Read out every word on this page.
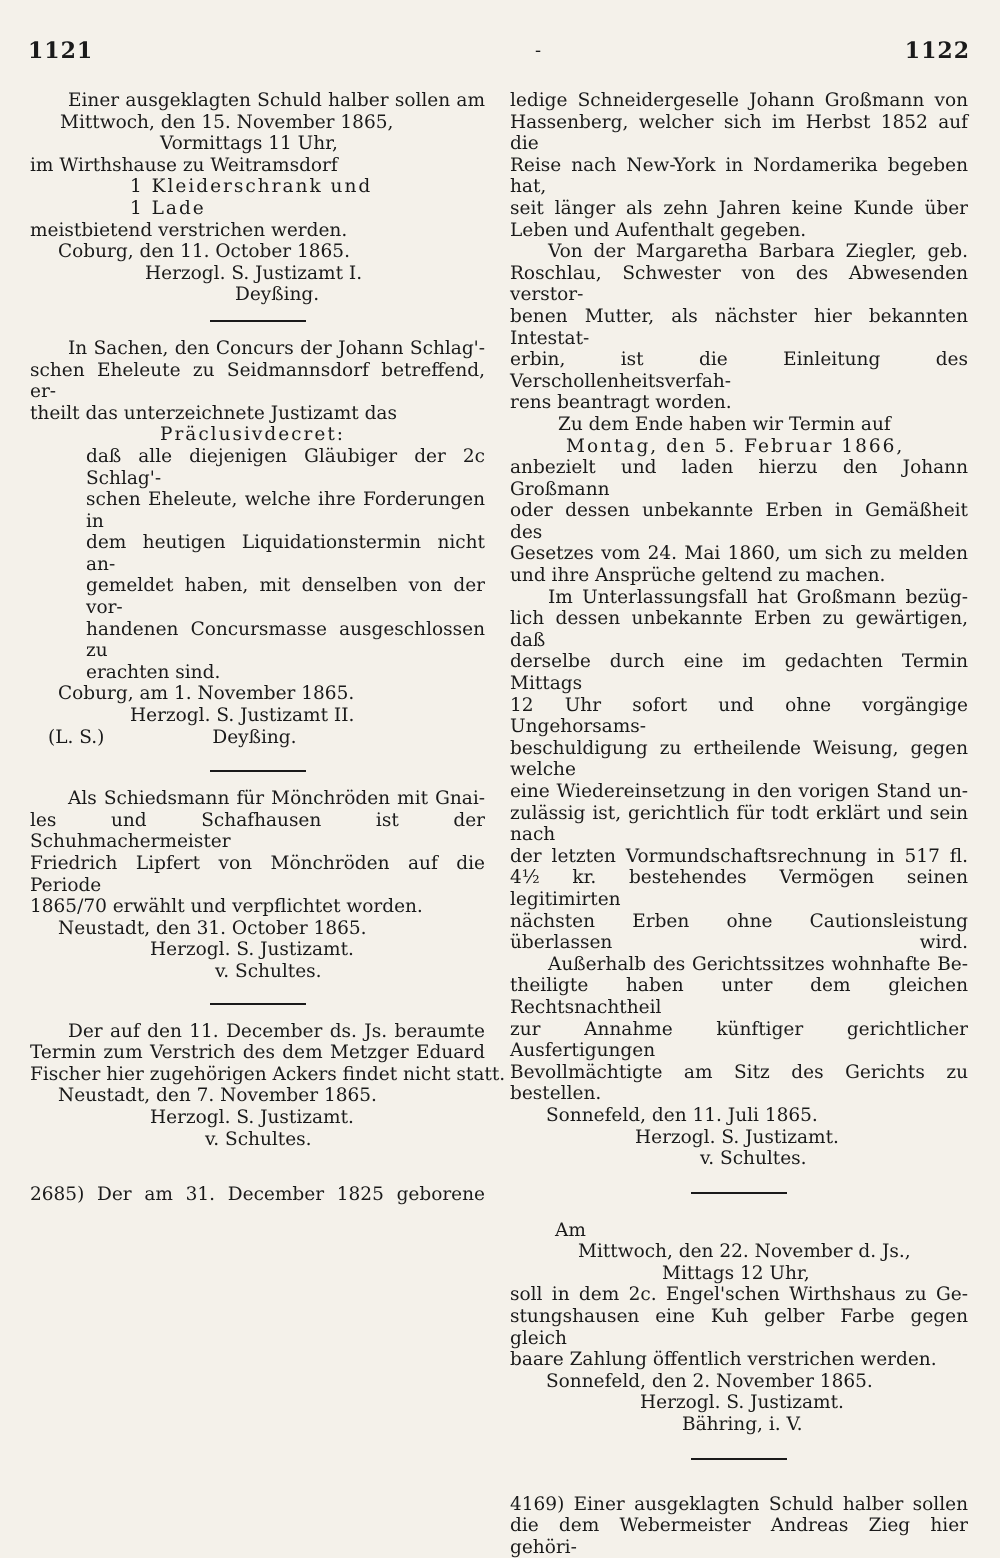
1121	-	1122
Einer ausgeklagten Schuld halber sollen am
Mittwoch, den 15. November 1865,
Vormittags 11 Uhr,
im Wirthshause zu Weitramsdorf
1 Kleiderschrank und
1 Lade
meistbietend verstrichen werden.
Coburg, den 11. October 1865.
Herzogl. S. Justizamt I.
Deyßing.
In Sachen, den Concurs der Johann Schlag'-
schen Eheleute zu Seidmannsdorf betreffend, er-
theilt das unterzeichnete Justizamt das
Präclusivdecret:
daß alle diejenigen Gläubiger der 2c Schlag'-
schen Eheleute, welche ihre Forderungen in
dem heutigen Liquidationstermin nicht an-
gemeldet haben, mit denselben von der vor-
handenen Concursmasse ausgeschlossen zu
erachten sind.
Coburg, am 1. November 1865.
Herzogl. S. Justizamt II.
(L. S.)	Deyßing.
Als Schiedsmann für Mönchröden mit Gnai-
les und Schafhausen ist der Schuhmachermeister
Friedrich Lipfert von Mönchröden auf die Periode
1865/70 erwählt und verpflichtet worden.
Neustadt, den 31. October 1865.
Herzogl. S. Justizamt.
v. Schultes.
Der auf den 11. December ds. Js. beraumte
Termin zum Verstrich des dem Metzger Eduard
Fischer hier zugehörigen Ackers findet nicht statt.
Neustadt, den 7. November 1865.
Herzogl. S. Justizamt.
v. Schultes.
2685) Der am 31. December 1825 geborene
ledige Schneidergeselle Johann Großmann von
Hassenberg, welcher sich im Herbst 1852 auf die
Reise nach New-York in Nordamerika begeben hat,
seit länger als zehn Jahren keine Kunde über
Leben und Aufenthalt gegeben.
Von der Margaretha Barbara Ziegler, geb.
Roschlau, Schwester von des Abwesenden verstor-
benen Mutter, als nächster hier bekannten Intestat-
erbin, ist die Einleitung des Verschollenheitsverfah-
rens beantragt worden.
Zu dem Ende haben wir Termin auf
Montag, den 5. Februar 1866,
anbezielt und laden hierzu den Johann Großmann
oder dessen unbekannte Erben in Gemäßheit des
Gesetzes vom 24. Mai 1860, um sich zu melden
und ihre Ansprüche geltend zu machen.
Im Unterlassungsfall hat Großmann bezüg-
lich dessen unbekannte Erben zu gewärtigen, daß
derselbe durch eine im gedachten Termin Mittags
12 Uhr sofort und ohne vorgängige Ungehorsams-
beschuldigung zu ertheilende Weisung, gegen welche
eine Wiedereinsetzung in den vorigen Stand un-
zulässig ist, gerichtlich für todt erklärt und sein nach
der letzten Vormundschaftsrechnung in 517 fl.
4½ kr. bestehendes Vermögen seinen legitimirten
nächsten Erben ohne Cautionsleistung überlassen wird.
Außerhalb des Gerichtssitzes wohnhafte Be-
theiligte haben unter dem gleichen Rechtsnachtheil
zur Annahme künftiger gerichtlicher Ausfertigungen
Bevollmächtigte am Sitz des Gerichts zu bestellen.
Sonnefeld, den 11. Juli 1865.
Herzogl. S. Justizamt.
v. Schultes.
Am
Mittwoch, den 22. November d. Js.,
Mittags 12 Uhr,
soll in dem 2c. Engel'schen Wirthshaus zu Ge-
stungshausen eine Kuh gelber Farbe gegen gleich
baare Zahlung öffentlich verstrichen werden.
Sonnefeld, den 2. November 1865.
Herzogl. S. Justizamt.
Bähring, i. V.
4169) Einer ausgeklagten Schuld halber sollen
die dem Webermeister Andreas Zieg hier gehöri-
